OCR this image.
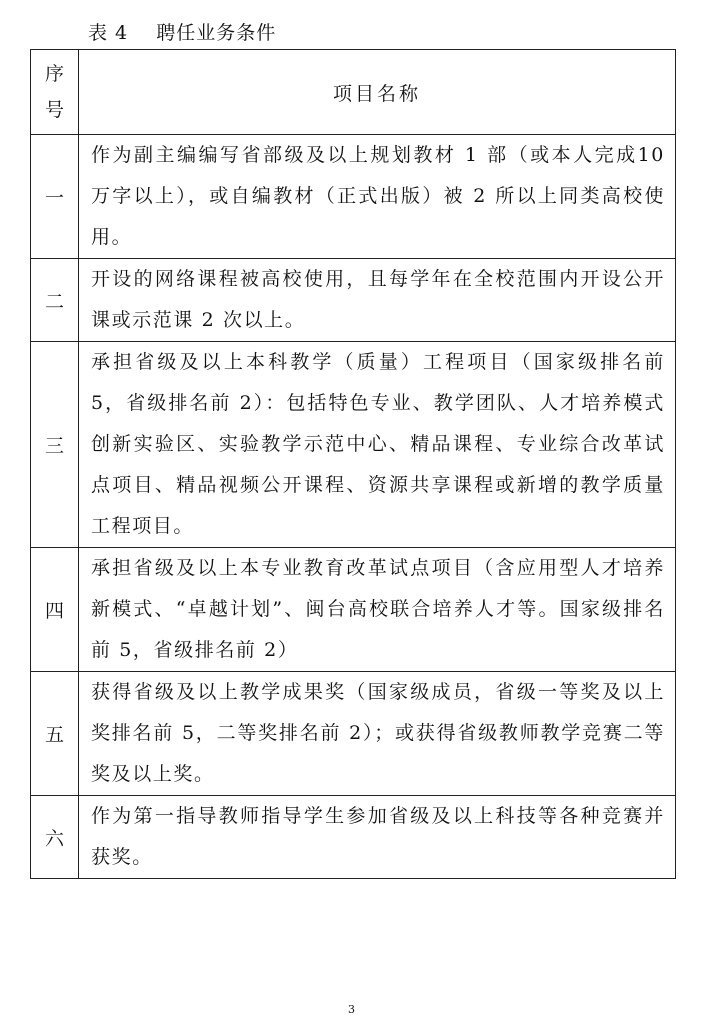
表 4    聘任业务条件
序
号	项目名称
一	作为副主编编写省部级及以上规划教材 1 部（或本人完成10 万字以上），或自编教材（正式出版）被 2 所以上同类高校使用。
二	开设的网络课程被高校使用，且每学年在全校范围内开设公开课或示范课 2 次以上。
三	承担省级及以上本科教学（质量）工程项目（国家级排名前 5，省级排名前 2）：包括特色专业、教学团队、人才培养模式创新实验区、实验教学示范中心、精品课程、专业综合改革试点项目、精品视频公开课程、资源共享课程或新增的教学质量工程项目。
四	承担省级及以上本专业教育改革试点项目（含应用型人才培养新模式、“卓越计划”、闽台高校联合培养人才等。国家级排名前 5，省级排名前 2）
五	获得省级及以上教学成果奖（国家级成员，省级一等奖及以上奖排名前 5，二等奖排名前 2）；或获得省级教师教学竞赛二等奖及以上奖。
六	作为第一指导教师指导学生参加省级及以上科技等各种竞赛并获奖。
3
